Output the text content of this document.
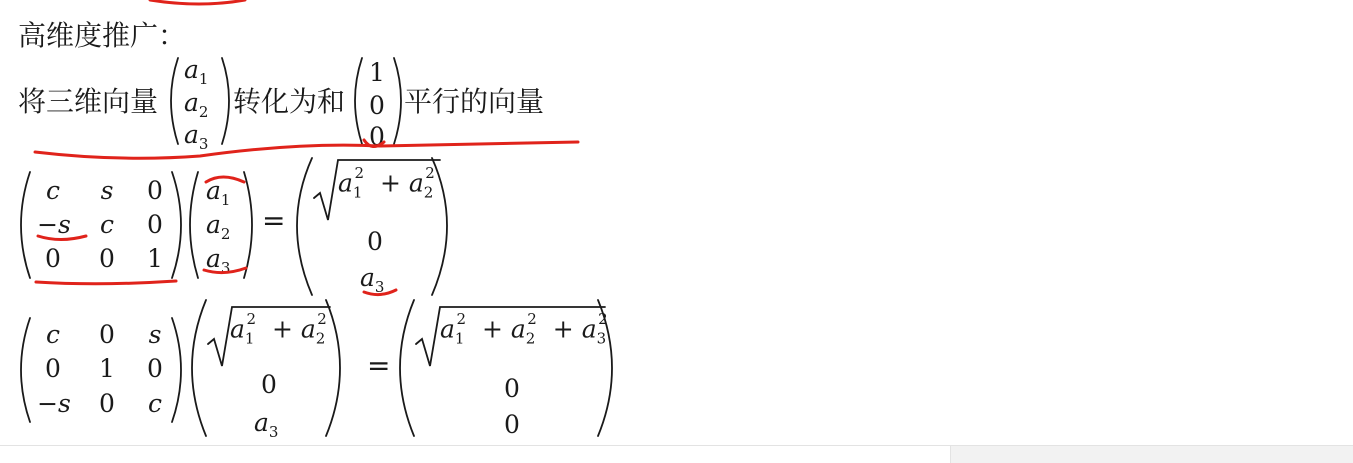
高维度推广：
将三维向量	转化为和 平行的向量
$a_1$
$a_2$
$a_3$
1
0
0
c	s	0
−s	c	0
0 0 1
$a_1$
$a_2$
$a_3$
=
$a_1^2 + a_2^2$
0
$a_3$
c	0	s
0 1 0
−s 0	c
$a_1^2 + a_2^2$
0
$a_3$
=
$a_1^2 + a_2^2 + a_3^2$
0
0
